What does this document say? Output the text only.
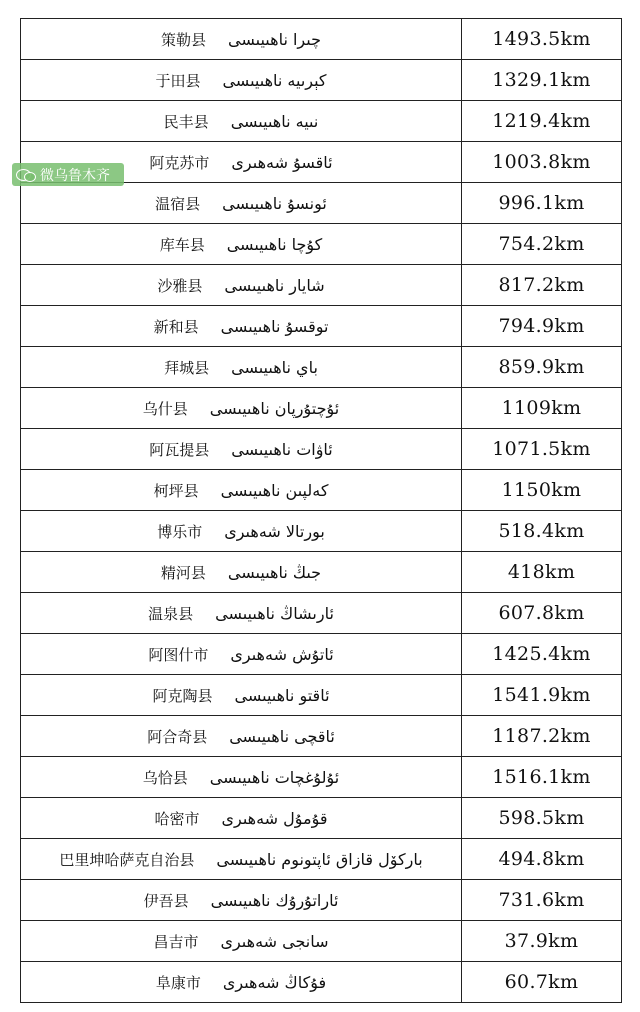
策勒县 چىرا ناھىيىسى	1493.5km
于田县 كېرىيە ناھىيىسى	1329.1km
民丰县 نىيە ناھىيىسى	1219.4km
阿克苏市 ئاقسۇ شەھىرى	1003.8km
温宿县 ئونسۇ ناھىيىسى	996.1km
库车县 كۇچا ناھىيىسى	754.2km
沙雅县 شايار ناھىيىسى	817.2km
新和县 توقسۇ ناھىيىسى	794.9km
拜城县 باي ناھىيىسى	859.9km
乌什县 ئۇچتۇرپان ناھىيىسى	1109km
阿瓦提县 ئاۋات ناھىيىسى	1071.5km
柯坪县 كەلپىن ناھىيىسى	1150km
博乐市 بورتالا شەھىرى	518.4km
精河县 جىڭ ناھىيىسى	418km
温泉县 ئارىشاڭ ناھىيىسى	607.8km
阿图什市 ئاتۇش شەھىرى	1425.4km
阿克陶县 ئاقتو ناھىيىسى	1541.9km
阿合奇县 ئاقچى ناھىيىسى	1187.2km
乌恰县 ئۇلۇغچات ناھىيىسى	1516.1km
哈密市 قۇمۇل شەھىرى	598.5km
巴里坤哈萨克自治县 باركۆل قازاق ئاپتونوم ناھىيىسى	494.8km
伊吾县 ئاراتۇرۇك ناھىيىسى	731.6km
昌吉市 سانجى شەھىرى	37.9km
阜康市 فۇكاڭ شەھىرى	60.7km
微乌鲁木齐
